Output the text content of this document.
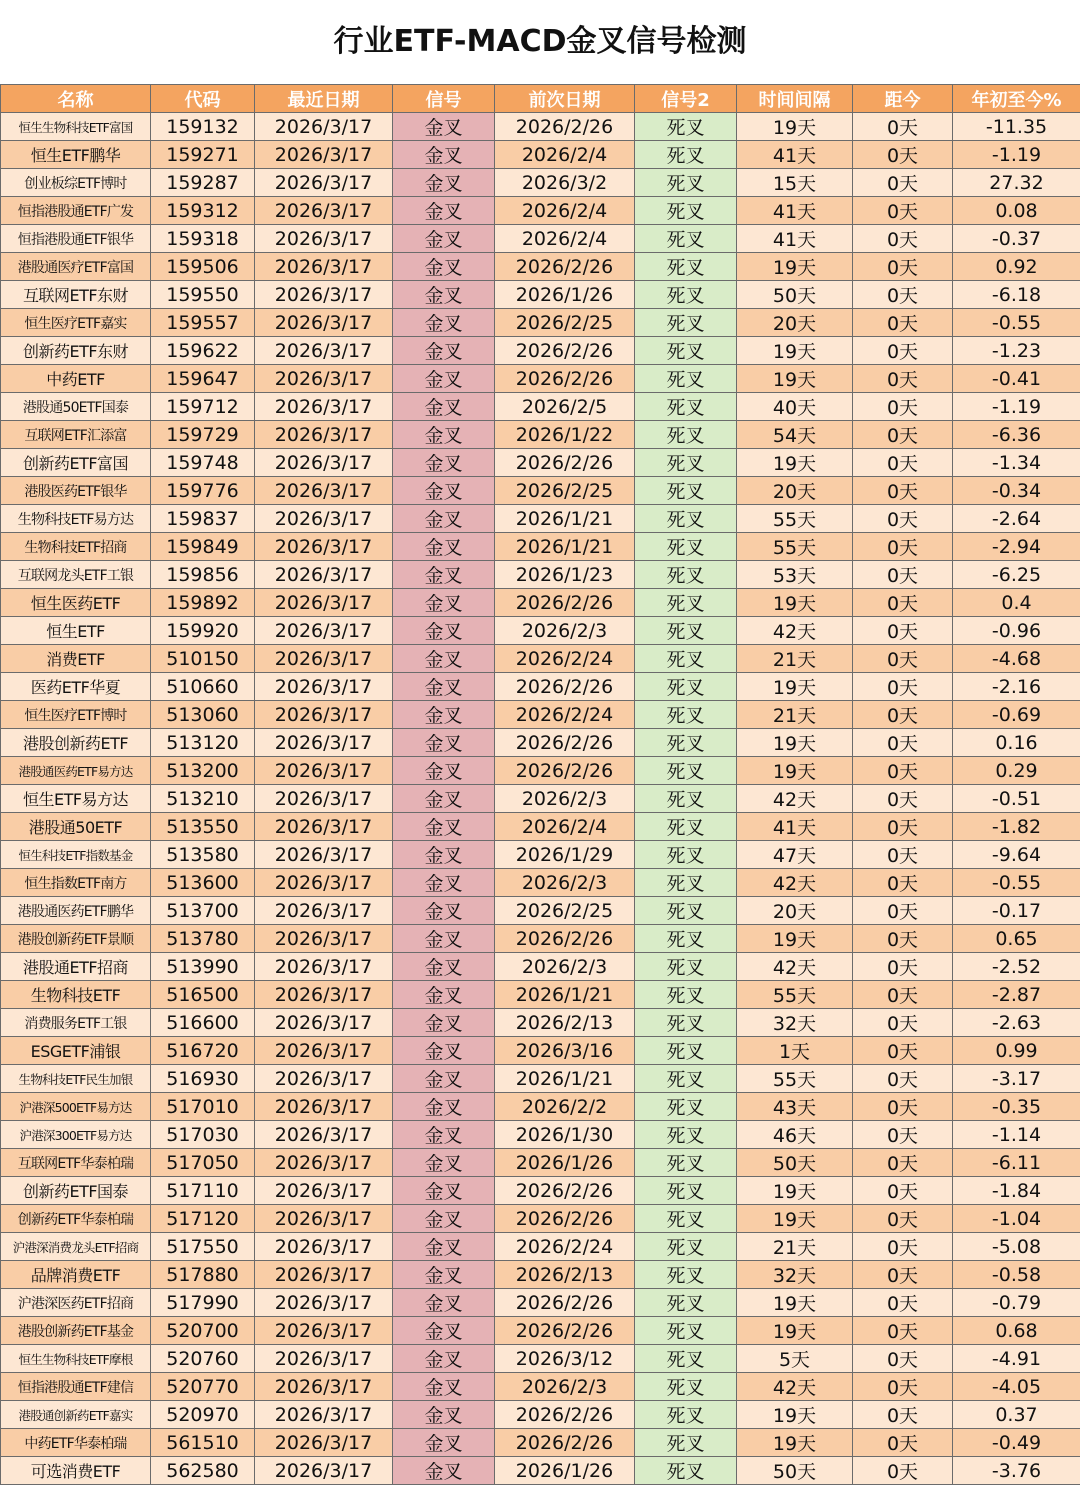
行业ETF-MACD金叉信号检测
名称	代码	最近日期	信号	前次日期	信号2	时间间隔	距今	年初至今%
恒生生物科技ETF富国	159132	2026/3/17	金叉	2026/2/26	死叉	19天	0天	-11.35
恒生ETF鹏华	159271	2026/3/17	金叉	2026/2/4	死叉	41天	0天	-1.19
创业板综ETF博时	159287	2026/3/17	金叉	2026/3/2	死叉	15天	0天	27.32
恒指港股通ETF广发	159312	2026/3/17	金叉	2026/2/4	死叉	41天	0天	0.08
恒指港股通ETF银华	159318	2026/3/17	金叉	2026/2/4	死叉	41天	0天	-0.37
港股通医疗ETF富国	159506	2026/3/17	金叉	2026/2/26	死叉	19天	0天	0.92
互联网ETF东财	159550	2026/3/17	金叉	2026/1/26	死叉	50天	0天	-6.18
恒生医疗ETF嘉实	159557	2026/3/17	金叉	2026/2/25	死叉	20天	0天	-0.55
创新药ETF东财	159622	2026/3/17	金叉	2026/2/26	死叉	19天	0天	-1.23
中药ETF	159647	2026/3/17	金叉	2026/2/26	死叉	19天	0天	-0.41
港股通50ETF国泰	159712	2026/3/17	金叉	2026/2/5	死叉	40天	0天	-1.19
互联网ETF汇添富	159729	2026/3/17	金叉	2026/1/22	死叉	54天	0天	-6.36
创新药ETF富国	159748	2026/3/17	金叉	2026/2/26	死叉	19天	0天	-1.34
港股医药ETF银华	159776	2026/3/17	金叉	2026/2/25	死叉	20天	0天	-0.34
生物科技ETF易方达	159837	2026/3/17	金叉	2026/1/21	死叉	55天	0天	-2.64
生物科技ETF招商	159849	2026/3/17	金叉	2026/1/21	死叉	55天	0天	-2.94
互联网龙头ETF工银	159856	2026/3/17	金叉	2026/1/23	死叉	53天	0天	-6.25
恒生医药ETF	159892	2026/3/17	金叉	2026/2/26	死叉	19天	0天	0.4
恒生ETF	159920	2026/3/17	金叉	2026/2/3	死叉	42天	0天	-0.96
消费ETF	510150	2026/3/17	金叉	2026/2/24	死叉	21天	0天	-4.68
医药ETF华夏	510660	2026/3/17	金叉	2026/2/26	死叉	19天	0天	-2.16
恒生医疗ETF博时	513060	2026/3/17	金叉	2026/2/24	死叉	21天	0天	-0.69
港股创新药ETF	513120	2026/3/17	金叉	2026/2/26	死叉	19天	0天	0.16
港股通医药ETF易方达	513200	2026/3/17	金叉	2026/2/26	死叉	19天	0天	0.29
恒生ETF易方达	513210	2026/3/17	金叉	2026/2/3	死叉	42天	0天	-0.51
港股通50ETF	513550	2026/3/17	金叉	2026/2/4	死叉	41天	0天	-1.82
恒生科技ETF指数基金	513580	2026/3/17	金叉	2026/1/29	死叉	47天	0天	-9.64
恒生指数ETF南方	513600	2026/3/17	金叉	2026/2/3	死叉	42天	0天	-0.55
港股通医药ETF鹏华	513700	2026/3/17	金叉	2026/2/25	死叉	20天	0天	-0.17
港股创新药ETF景顺	513780	2026/3/17	金叉	2026/2/26	死叉	19天	0天	0.65
港股通ETF招商	513990	2026/3/17	金叉	2026/2/3	死叉	42天	0天	-2.52
生物科技ETF	516500	2026/3/17	金叉	2026/1/21	死叉	55天	0天	-2.87
消费服务ETF工银	516600	2026/3/17	金叉	2026/2/13	死叉	32天	0天	-2.63
ESGETF浦银	516720	2026/3/17	金叉	2026/3/16	死叉	1天	0天	0.99
生物科技ETF民生加银	516930	2026/3/17	金叉	2026/1/21	死叉	55天	0天	-3.17
沪港深500ETF易方达	517010	2026/3/17	金叉	2026/2/2	死叉	43天	0天	-0.35
沪港深300ETF易方达	517030	2026/3/17	金叉	2026/1/30	死叉	46天	0天	-1.14
互联网ETF华泰柏瑞	517050	2026/3/17	金叉	2026/1/26	死叉	50天	0天	-6.11
创新药ETF国泰	517110	2026/3/17	金叉	2026/2/26	死叉	19天	0天	-1.84
创新药ETF华泰柏瑞	517120	2026/3/17	金叉	2026/2/26	死叉	19天	0天	-1.04
沪港深消费龙头ETF招商	517550	2026/3/17	金叉	2026/2/24	死叉	21天	0天	-5.08
品牌消费ETF	517880	2026/3/17	金叉	2026/2/13	死叉	32天	0天	-0.58
沪港深医药ETF招商	517990	2026/3/17	金叉	2026/2/26	死叉	19天	0天	-0.79
港股创新药ETF基金	520700	2026/3/17	金叉	2026/2/26	死叉	19天	0天	0.68
恒生生物科技ETF摩根	520760	2026/3/17	金叉	2026/3/12	死叉	5天	0天	-4.91
恒指港股通ETF建信	520770	2026/3/17	金叉	2026/2/3	死叉	42天	0天	-4.05
港股通创新药ETF嘉实	520970	2026/3/17	金叉	2026/2/26	死叉	19天	0天	0.37
中药ETF华泰柏瑞	561510	2026/3/17	金叉	2026/2/26	死叉	19天	0天	-0.49
可选消费ETF	562580	2026/3/17	金叉	2026/1/26	死叉	50天	0天	-3.76
